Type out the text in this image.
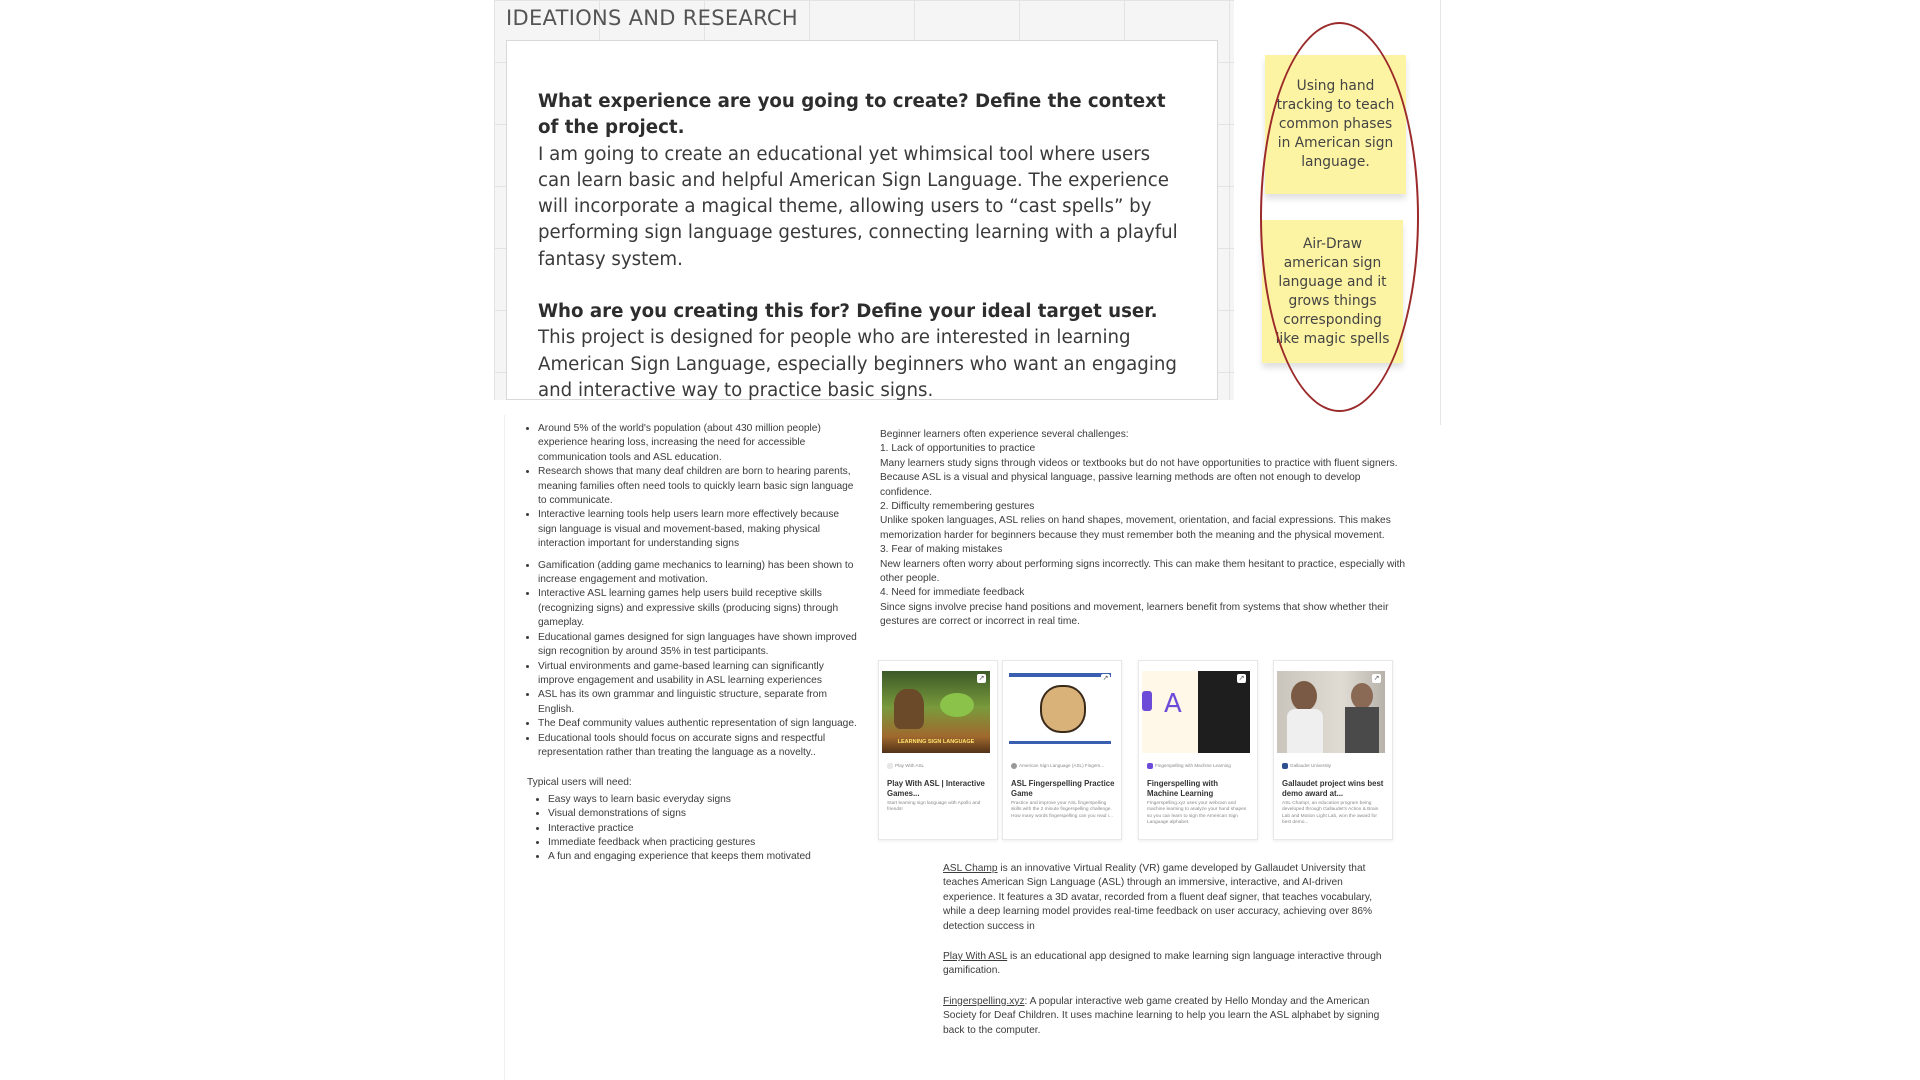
IDEATIONS AND RESEARCH
What experience are you going to create? Define the context of the project.
I am going to create an educational yet whimsical tool where users can learn basic and helpful American Sign Language. The experience will incorporate a magical theme, allowing users to “cast spells” by performing sign language gestures, connecting learning with a playful fantasy system.
Who are you creating this for? Define your ideal target user.
This project is designed for people who are interested in learning American Sign Language, especially beginners who want an engaging and interactive way to practice basic signs.
Using hand tracking to teach common phases in American sign language.
Air-Draw american sign language and it grows things corresponding like magic spells
• Around 5% of the world's population (about 430 million people) experience hearing loss, increasing the need for accessible communication tools and ASL education.
• Research shows that many deaf children are born to hearing parents, meaning families often need tools to quickly learn basic sign language to communicate.
• Interactive learning tools help users learn more effectively because sign language is visual and movement-based, making physical interaction important for understanding signs
• Gamification (adding game mechanics to learning) has been shown to increase engagement and motivation.
• Interactive ASL learning games help users build receptive skills (recognizing signs) and expressive skills (producing signs) through gameplay.
• Educational games designed for sign languages have shown improved sign recognition by around 35% in test participants.
• Virtual environments and game-based learning can significantly improve engagement and usability in ASL learning experiences
• ASL has its own grammar and linguistic structure, separate from English.
• The Deaf community values authentic representation of sign language.
• Educational tools should focus on accurate signs and respectful representation rather than treating the language as a novelty..
Typical users will need:
• Easy ways to learn basic everyday signs
• Visual demonstrations of signs
• Interactive practice
• Immediate feedback when practicing gestures
• A fun and engaging experience that keeps them motivated
Beginner learners often experience several challenges:
1. Lack of opportunities to practice
Many learners study signs through videos or textbooks but do not have opportunities to practice with fluent signers. Because ASL is a visual and physical language, passive learning methods are often not enough to develop confidence.
2. Difficulty remembering gestures
Unlike spoken languages, ASL relies on hand shapes, movement, orientation, and facial expressions. This makes memorization harder for beginners because they must remember both the meaning and the physical movement.
3. Fear of making mistakes
New learners often worry about performing signs incorrectly. This can make them hesitant to practice, especially with other people.
4. Need for immediate feedback
Since signs involve precise hand positions and movement, learners benefit from systems that show whether their gestures are correct or incorrect in real time.
LEARNING SIGN LANGUAGE
↗
Play With ASL
Play With ASL | Interactive Games...
Start learning sign language with Apollo and friends!
↗
American Sign Language (ASL) Fingers...
ASL Fingerspelling Practice Game
Practice and improve your ASL fingerspelling skills with the 2 minute fingerspelling challenge. How many words fingerspelling can you read i...
A
↗
Fingerspelling with Machine Learning
Fingerspelling with Machine Learning
Fingerspelling.xyz uses your webcam and machine learning to analyze your hand shapes so you can learn to sign the American Sign Language alphabet.
↗
Gallaudet University
Gallaudet project wins best demo award at...
ASL Champ!, an education program being developed through Gallaudet's Action & Brain Lab and Motion Light Lab, won the award for best demo...

ASL Champ is an innovative Virtual Reality (VR) game developed by Gallaudet University that teaches American Sign Language (ASL) through an immersive, interactive, and AI-driven experience. It features a 3D avatar, recorded from a fluent deaf signer, that teaches vocabulary, while a deep learning model provides real-time feedback on user accuracy, achieving over 86% detection success in

Play With ASL is an educational app designed to make learning sign language interactive through gamification.

Fingerspelling.xyz: A popular interactive web game created by Hello Monday and the American Society for Deaf Children. It uses machine learning to help you learn the ASL alphabet by signing back to the computer.
